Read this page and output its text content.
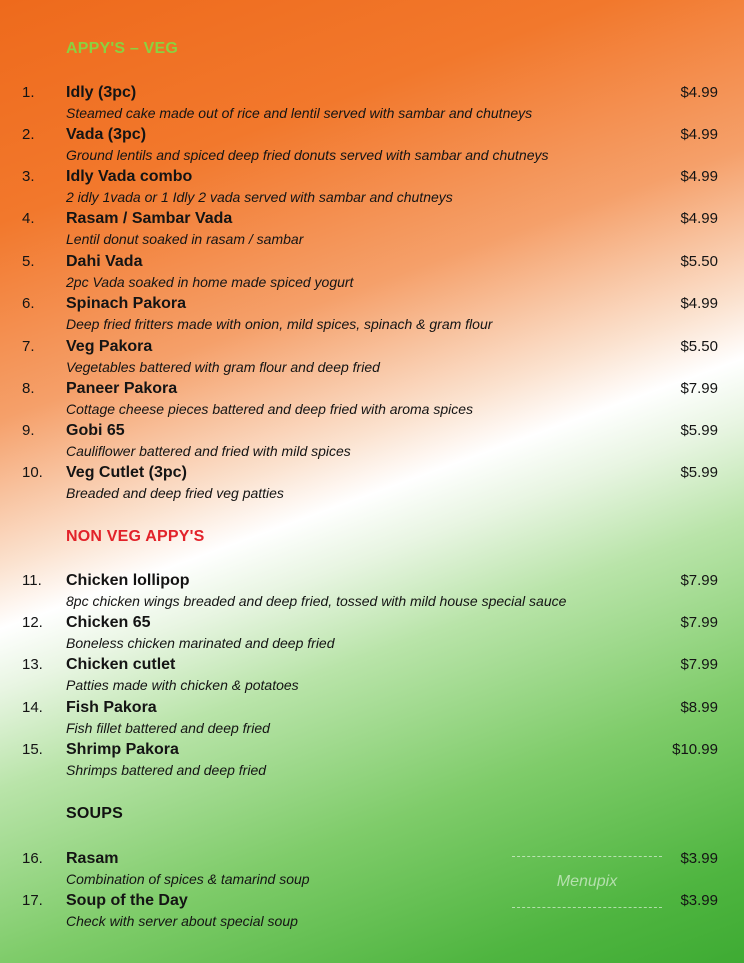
APPY'S – VEG
1. Idly (3pc)	$4.99
Steamed cake made out of rice and lentil served with sambar and chutneys
2. Vada (3pc)	$4.99
Ground lentils and spiced deep fried donuts served with sambar and chutneys
3. Idly Vada combo	$4.99
2 idly 1vada or 1 Idly 2 vada served with sambar and chutneys
4. Rasam / Sambar Vada	$4.99
Lentil donut soaked in rasam / sambar
5. Dahi Vada	$5.50
2pc Vada soaked in home made spiced yogurt
6. Spinach Pakora	$4.99
Deep fried fritters made with onion, mild spices, spinach & gram flour
7. Veg Pakora	$5.50
Vegetables battered with gram flour and deep fried
8. Paneer Pakora	$7.99
Cottage cheese pieces battered and deep fried with aroma spices
9. Gobi 65	$5.99
Cauliflower battered and fried with mild spices
10. Veg Cutlet (3pc)	$5.99
Breaded and deep fried veg patties
NON VEG APPY'S
11. Chicken lollipop	$7.99
8pc chicken wings breaded and deep fried, tossed with mild house special sauce
12. Chicken 65	$7.99
Boneless chicken marinated and deep fried
13. Chicken cutlet	$7.99
Patties made with chicken & potatoes
14. Fish Pakora	$8.99
Fish fillet battered and deep fried
15. Shrimp Pakora	$10.99
Shrimps battered and deep fried
SOUPS
16. Rasam	$3.99
Combination of spices & tamarind soup
17. Soup of the Day	$3.99
Check with server about special soup
Menupix
